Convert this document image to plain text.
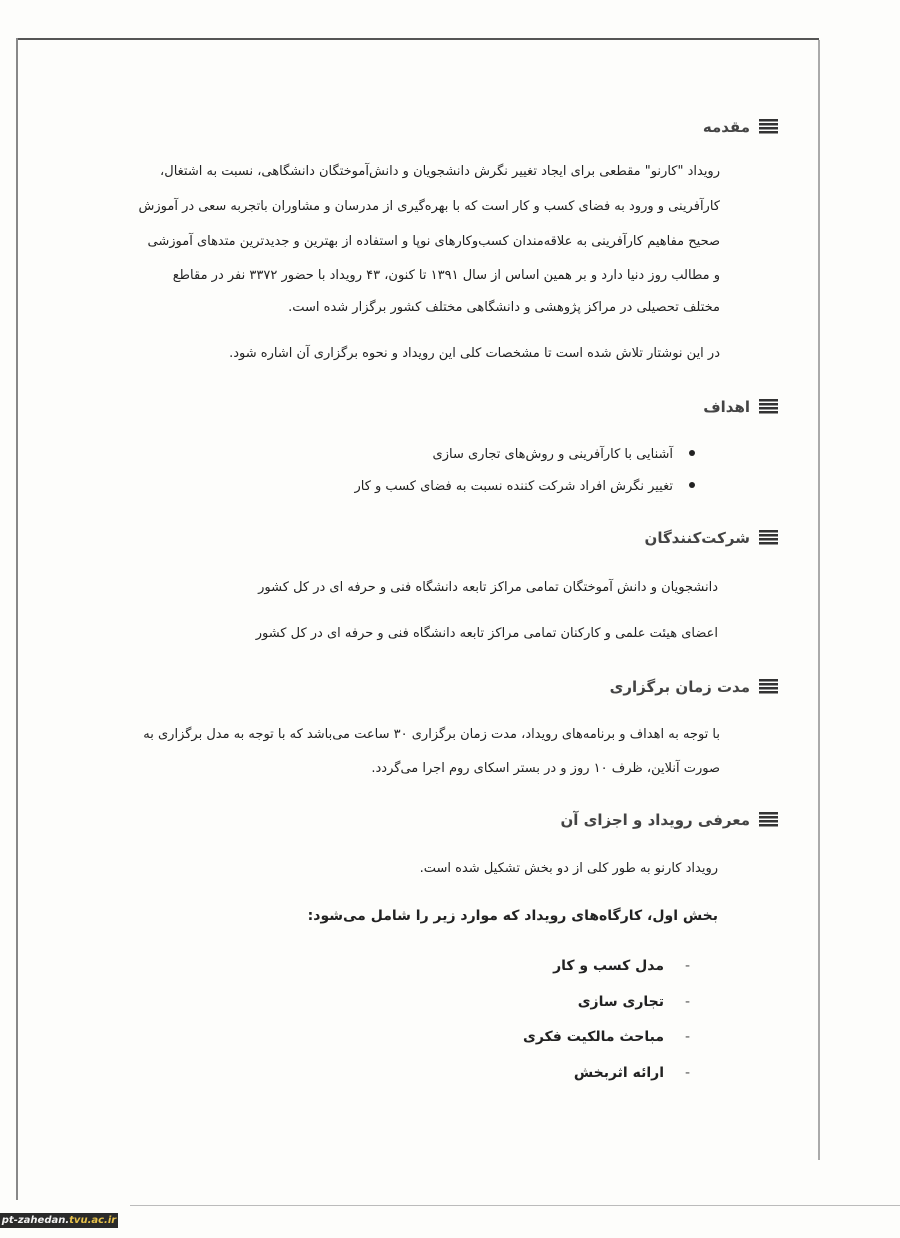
مقدمه
رویداد "کارنو" مقطعی برای ایجاد تغییر نگرش دانشجویان و دانش‌آموختگان دانشگاهی، نسبت به اشتغال،
کارآفرینی و ورود به فضای کسب و کار است که با بهره‌گیری از مدرسان و مشاوران باتجربه سعی در آموزش
صحیح مفاهیم کارآفرینی به علاقه‌مندان کسب‌وکارهای نوپا و استفاده از بهترین و جدیدترین متدهای آموزشی
و مطالب روز دنیا دارد و بر همین اساس از سال ۱۳۹۱ تا کنون، ۴۳ رویداد با حضور ۳۳۷۲ نفر در مقاطع
مختلف تحصیلی در مراکز پژوهشی و دانشگاهی مختلف کشور برگزار شده است.
در این نوشتار تلاش شده است تا مشخصات کلی این رویداد و نحوه برگزاری آن اشاره شود.
اهداف
آشنایی با کارآفرینی و روش‌های تجاری سازی
تغییر نگرش افراد شرکت کننده نسبت به فضای کسب و کار
شرکت‌کنندگان
دانشجویان و دانش آموختگان تمامی مراکز تابعه دانشگاه فنی و حرفه ای در کل کشور
اعضای هیئت علمی و کارکنان تمامی مراکز تابعه دانشگاه فنی و حرفه ای در کل کشور
مدت زمان برگزاری
با توجه به اهداف و برنامه‌های رویداد، مدت زمان برگزاری ۳۰ ساعت می‌باشد که با توجه به مدل برگزاری به
صورت آنلاین، ظرف ۱۰ روز و در بستر اسکای روم اجرا می‌گردد.
معرفی رویداد و اجزای آن
رویداد کارنو به طور کلی از دو بخش تشکیل شده است.
بخش اول، کارگاه‌های رویداد که موارد زیر را شامل می‌شود:
-مدل کسب و کار
-تجاری سازی
-مباحث مالکیت فکری
-ارائه اثربخش
pt-zahedan.tvu.ac.ir
